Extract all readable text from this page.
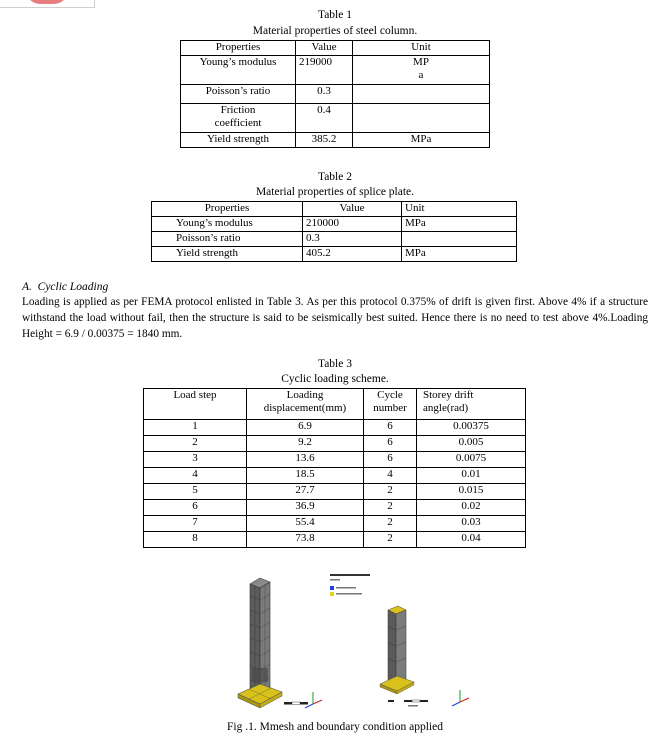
Table 1
Material properties of steel column.
Properties	Value	Unit
Young’s modulus	219000	MP a
Poisson’s ratio	0.3	
Friction coefficient	0.4	
Yield strength	385.2	MPa
Table 2
Material properties of splice plate.
Properties	Value	Unit
Young’s modulus	210000	MPa
Poisson’s ratio	0.3	
Yield strength	405.2	MPa
A. Cyclic Loading
Loading is applied as per FEMA protocol enlisted in Table 3. As per this protocol 0.375% of drift is given first. Above 4% if a structure withstand the load without fail, then the structure is said to be seismically best suited. Hence there is no need to test above 4%.Loading Height = 6.9 / 0.00375 = 1840 mm.
Table 3
Cyclic loading scheme.
Load step	Loading displacement(mm)	Cycle number	Storey drift angle(rad)
1	6.9	6	0.00375
2	9.2	6	0.005
3	13.6	6	0.0075
4	18.5	4	0.01
5	27.7	2	0.015
6	36.9	2	0.02
7	55.4	2	0.03
8	73.8	2	0.04
Fig .1. Mmesh and boundary condition applied
